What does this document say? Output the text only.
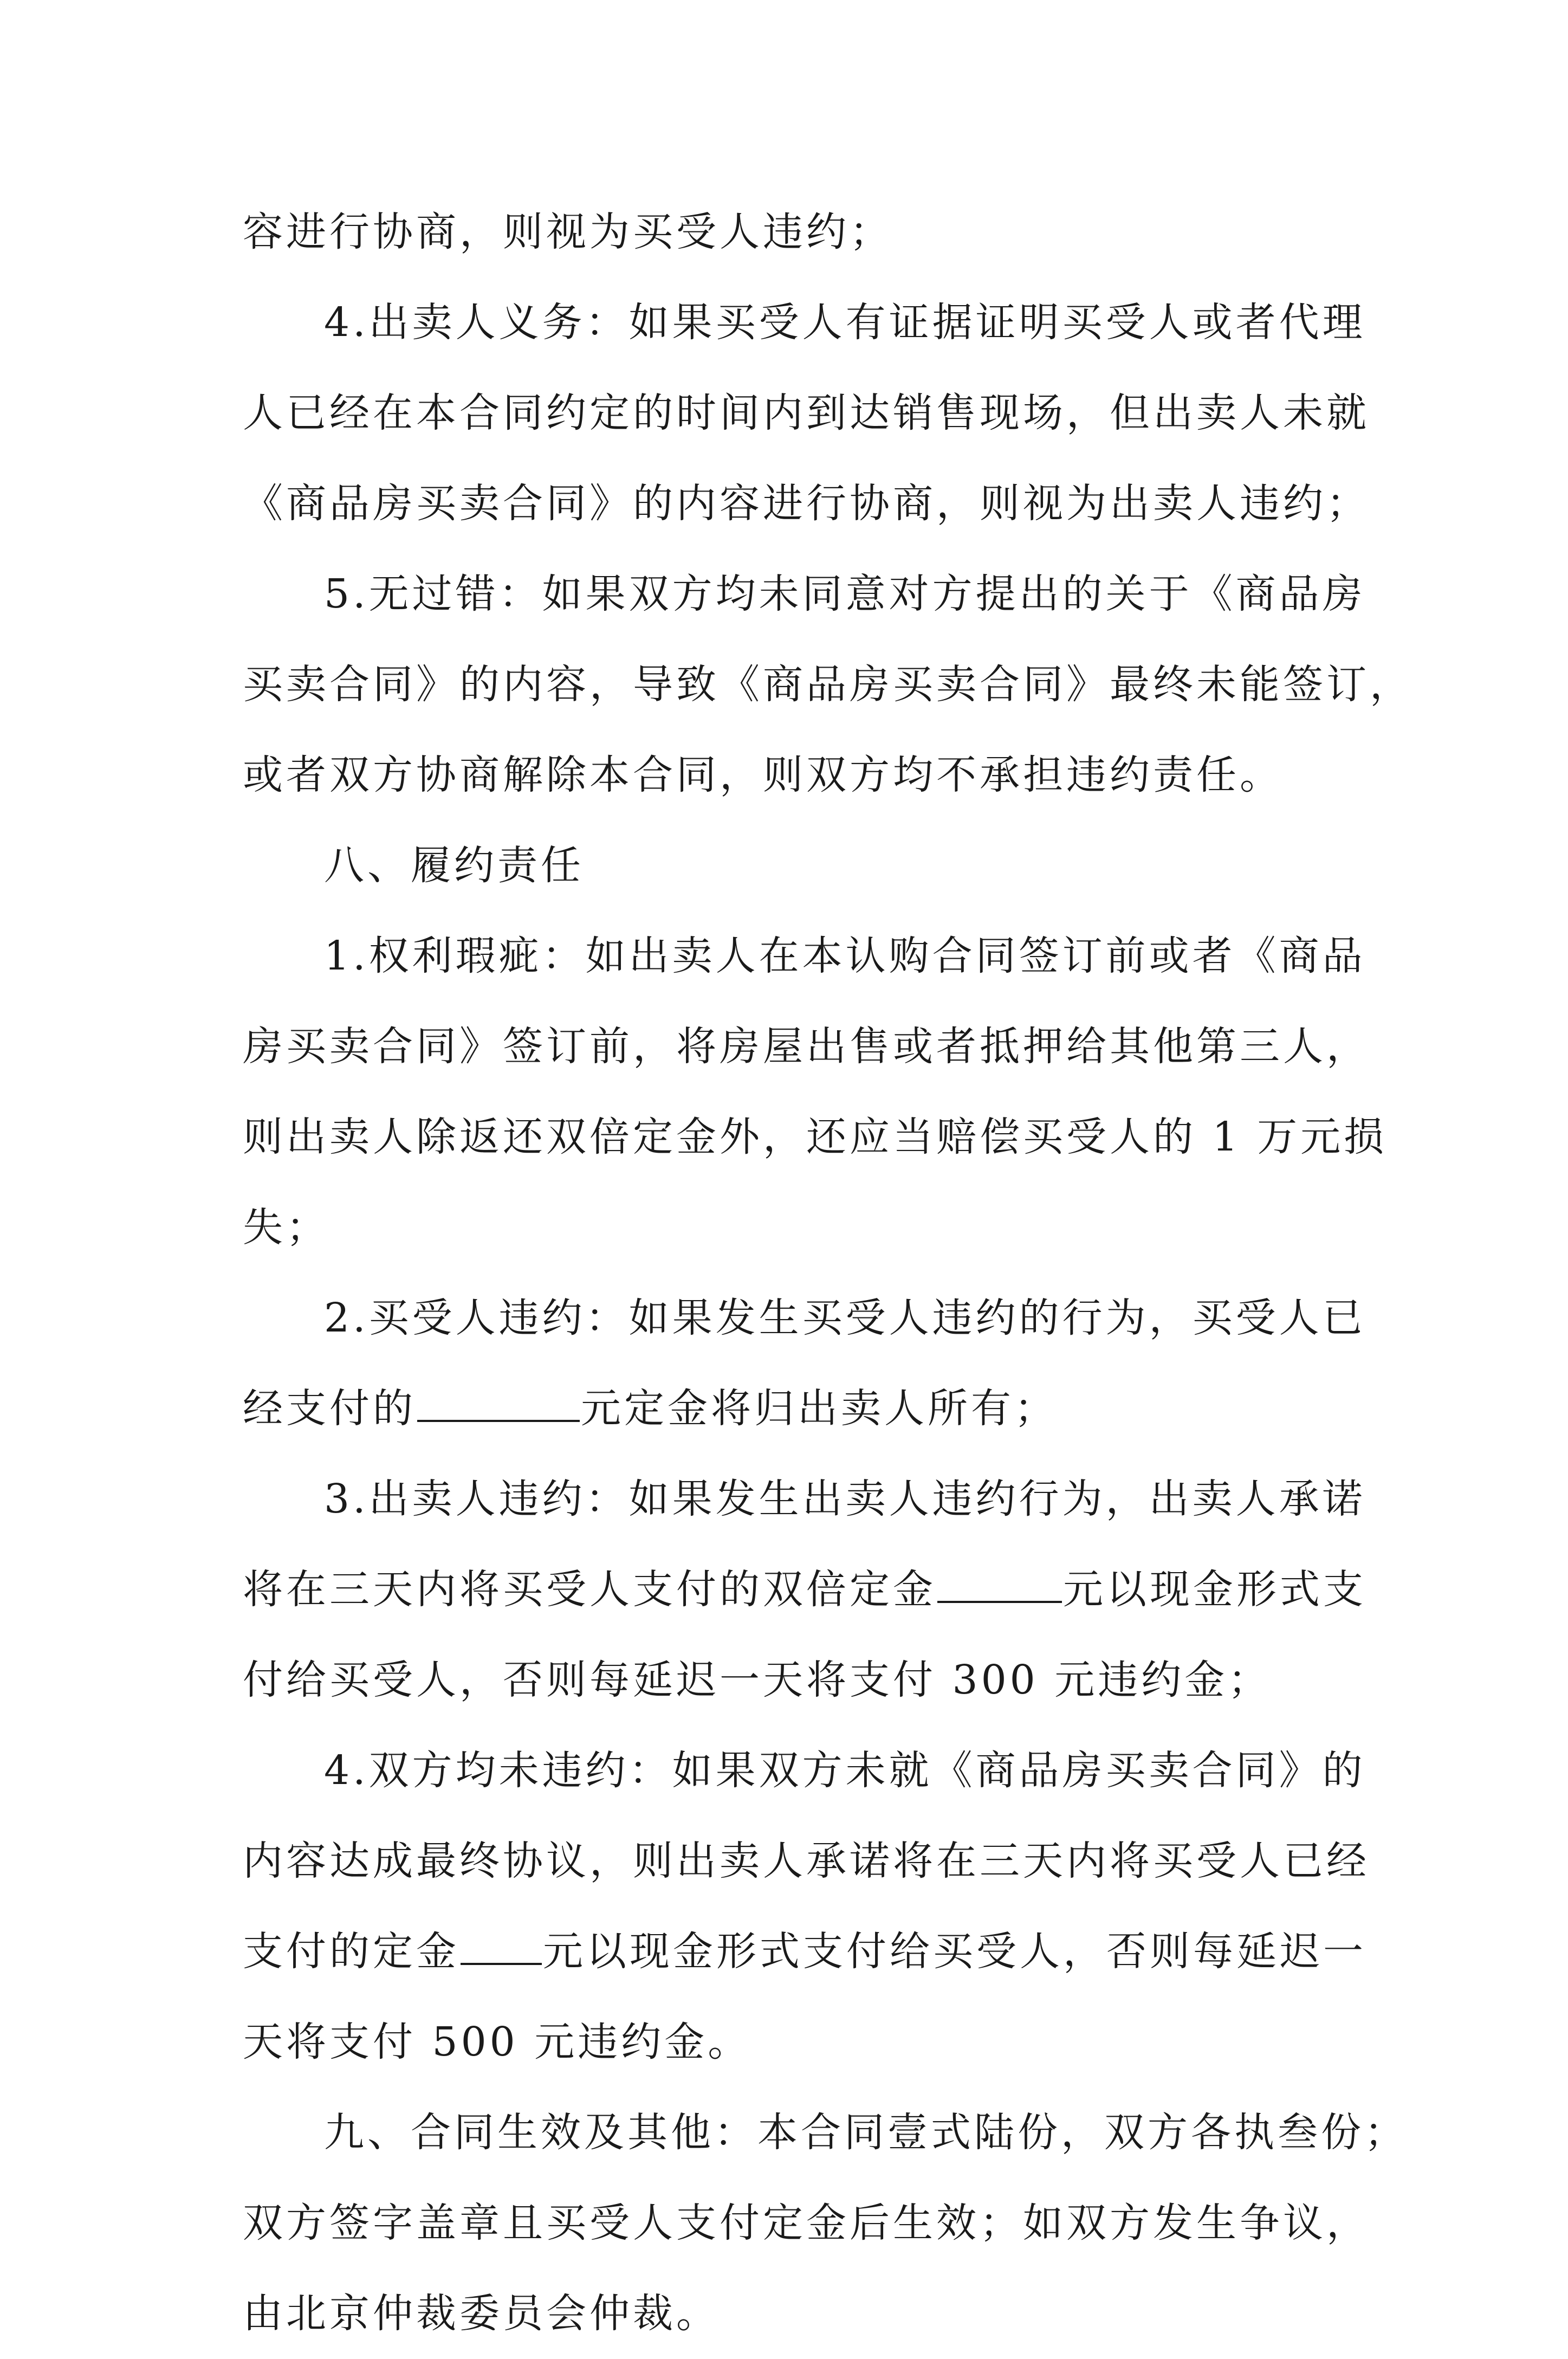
容进行协商，则视为买受人违约；
4.出卖人义务：如果买受人有证据证明买受人或者代理
人已经在本合同约定的时间内到达销售现场，但出卖人未就
《商品房买卖合同》的内容进行协商，则视为出卖人违约；
5.无过错：如果双方均未同意对方提出的关于《商品房
买卖合同》的内容，导致《商品房买卖合同》最终未能签订，
或者双方协商解除本合同，则双方均不承担违约责任。
八、履约责任
1.权利瑕疵：如出卖人在本认购合同签订前或者《商品
房买卖合同》签订前，将房屋出售或者抵押给其他第三人，
则出卖人除返还双倍定金外，还应当赔偿买受人的 1 万元损
失；
2.买受人违约：如果发生买受人违约的行为，买受人已
经支付的	元定金将归出卖人所有；
3.出卖人违约：如果发生出卖人违约行为，出卖人承诺
将在三天内将买受人支付的双倍定金	元以现金形式支
付给买受人，否则每延迟一天将支付 300 元违约金；
4.双方均未违约：如果双方未就《商品房买卖合同》的
内容达成最终协议，则出卖人承诺将在三天内将买受人已经
支付的定金 元以现金形式支付给买受人，否则每延迟一
天将支付 500 元违约金。
九、合同生效及其他：本合同壹式陆份，双方各执叁份；
双方签字盖章且买受人支付定金后生效；如双方发生争议，
由北京仲裁委员会仲裁。
